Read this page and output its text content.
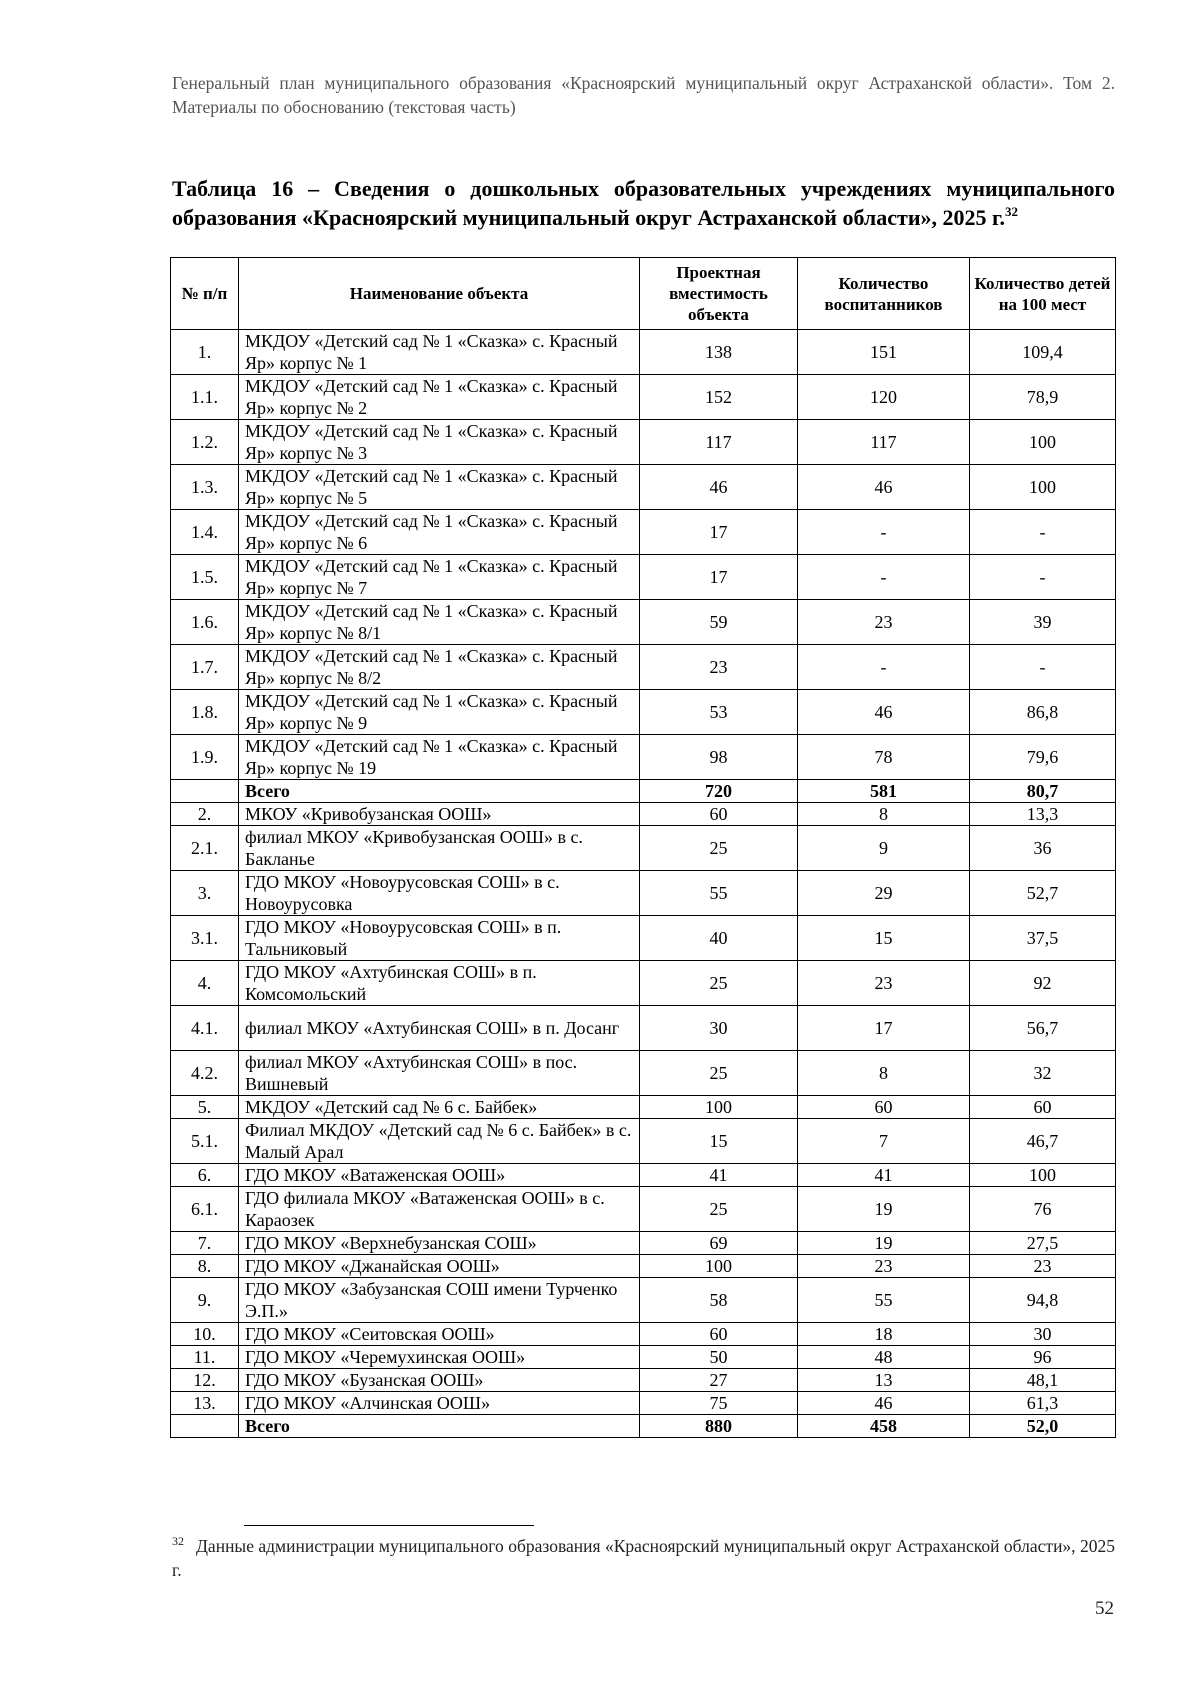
Генеральный план муниципального образования «Красноярский муниципальный округ Астраханской области». Том 2. Материалы по обоснованию (текстовая часть)
Таблица 16 – Сведения о дошкольных образовательных учреждениях муниципального образования «Красноярский муниципальный округ Астраханской области», 2025 г.$^{32}$
№ п/п	Наименование объекта	Проектная вместимость объекта	Количество воспитанников	Количество детей на 100 мест
1.	МКДОУ «Детский сад № 1 «Сказка» с. Красный Яр» корпус № 1	138	151	109,4
1.1.	МКДОУ «Детский сад № 1 «Сказка» с. Красный Яр» корпус № 2	152	120	78,9
1.2.	МКДОУ «Детский сад № 1 «Сказка» с. Красный Яр» корпус № 3	117	117	100
1.3.	МКДОУ «Детский сад № 1 «Сказка» с. Красный Яр» корпус № 5	46	46	100
1.4.	МКДОУ «Детский сад № 1 «Сказка» с. Красный Яр» корпус № 6	17	-	-
1.5.	МКДОУ «Детский сад № 1 «Сказка» с. Красный Яр» корпус № 7	17	-	-
1.6.	МКДОУ «Детский сад № 1 «Сказка» с. Красный Яр» корпус № 8/1	59	23	39
1.7.	МКДОУ «Детский сад № 1 «Сказка» с. Красный Яр» корпус № 8/2	23	-	-
1.8.	МКДОУ «Детский сад № 1 «Сказка» с. Красный Яр» корпус № 9	53	46	86,8
1.9.	МКДОУ «Детский сад № 1 «Сказка» с. Красный Яр» корпус № 19	98	78	79,6
	Всего	720	581	80,7
2.	МКОУ «Кривобузанская ООШ»	60	8	13,3
2.1.	филиал МКОУ «Кривобузанская ООШ» в с. Бакланье	25	9	36
3.	ГДО МКОУ «Новоурусовская СОШ» в с. Новоурусовка	55	29	52,7
3.1.	ГДО МКОУ «Новоурусовская СОШ» в п. Тальниковый	40	15	37,5
4.	ГДО МКОУ «Ахтубинская СОШ» в п. Комсомольский	25	23	92
4.1.	филиал МКОУ «Ахтубинская СОШ» в п. Досанг	30	17	56,7
4.2.	филиал МКОУ «Ахтубинская СОШ» в пос. Вишневый	25	8	32
5.	МКДОУ «Детский сад № 6 с. Байбек»	100	60	60
5.1.	Филиал МКДОУ «Детский сад № 6 с. Байбек» в с. Малый Арал	15	7	46,7
6.	ГДО МКОУ «Ватаженская ООШ»	41	41	100
6.1.	ГДО филиала МКОУ «Ватаженская ООШ» в с. Караозек	25	19	76
7.	ГДО МКОУ «Верхнебузанская СОШ»	69	19	27,5
8.	ГДО МКОУ «Джанайская ООШ»	100	23	23
9.	ГДО МКОУ «Забузанская СОШ имени Турченко Э.П.»	58	55	94,8
10.	ГДО МКОУ «Сеитовская ООШ»	60	18	30
11.	ГДО МКОУ «Черемухинская ООШ»	50	48	96
12.	ГДО МКОУ «Бузанская ООШ»	27	13	48,1
13.	ГДО МКОУ «Алчинская ООШ»	75	46	61,3
	Всего	880	458	52,0
$^{32}$ Данные администрации муниципального образования «Красноярский муниципальный округ Астраханской области», 2025 г.
52
